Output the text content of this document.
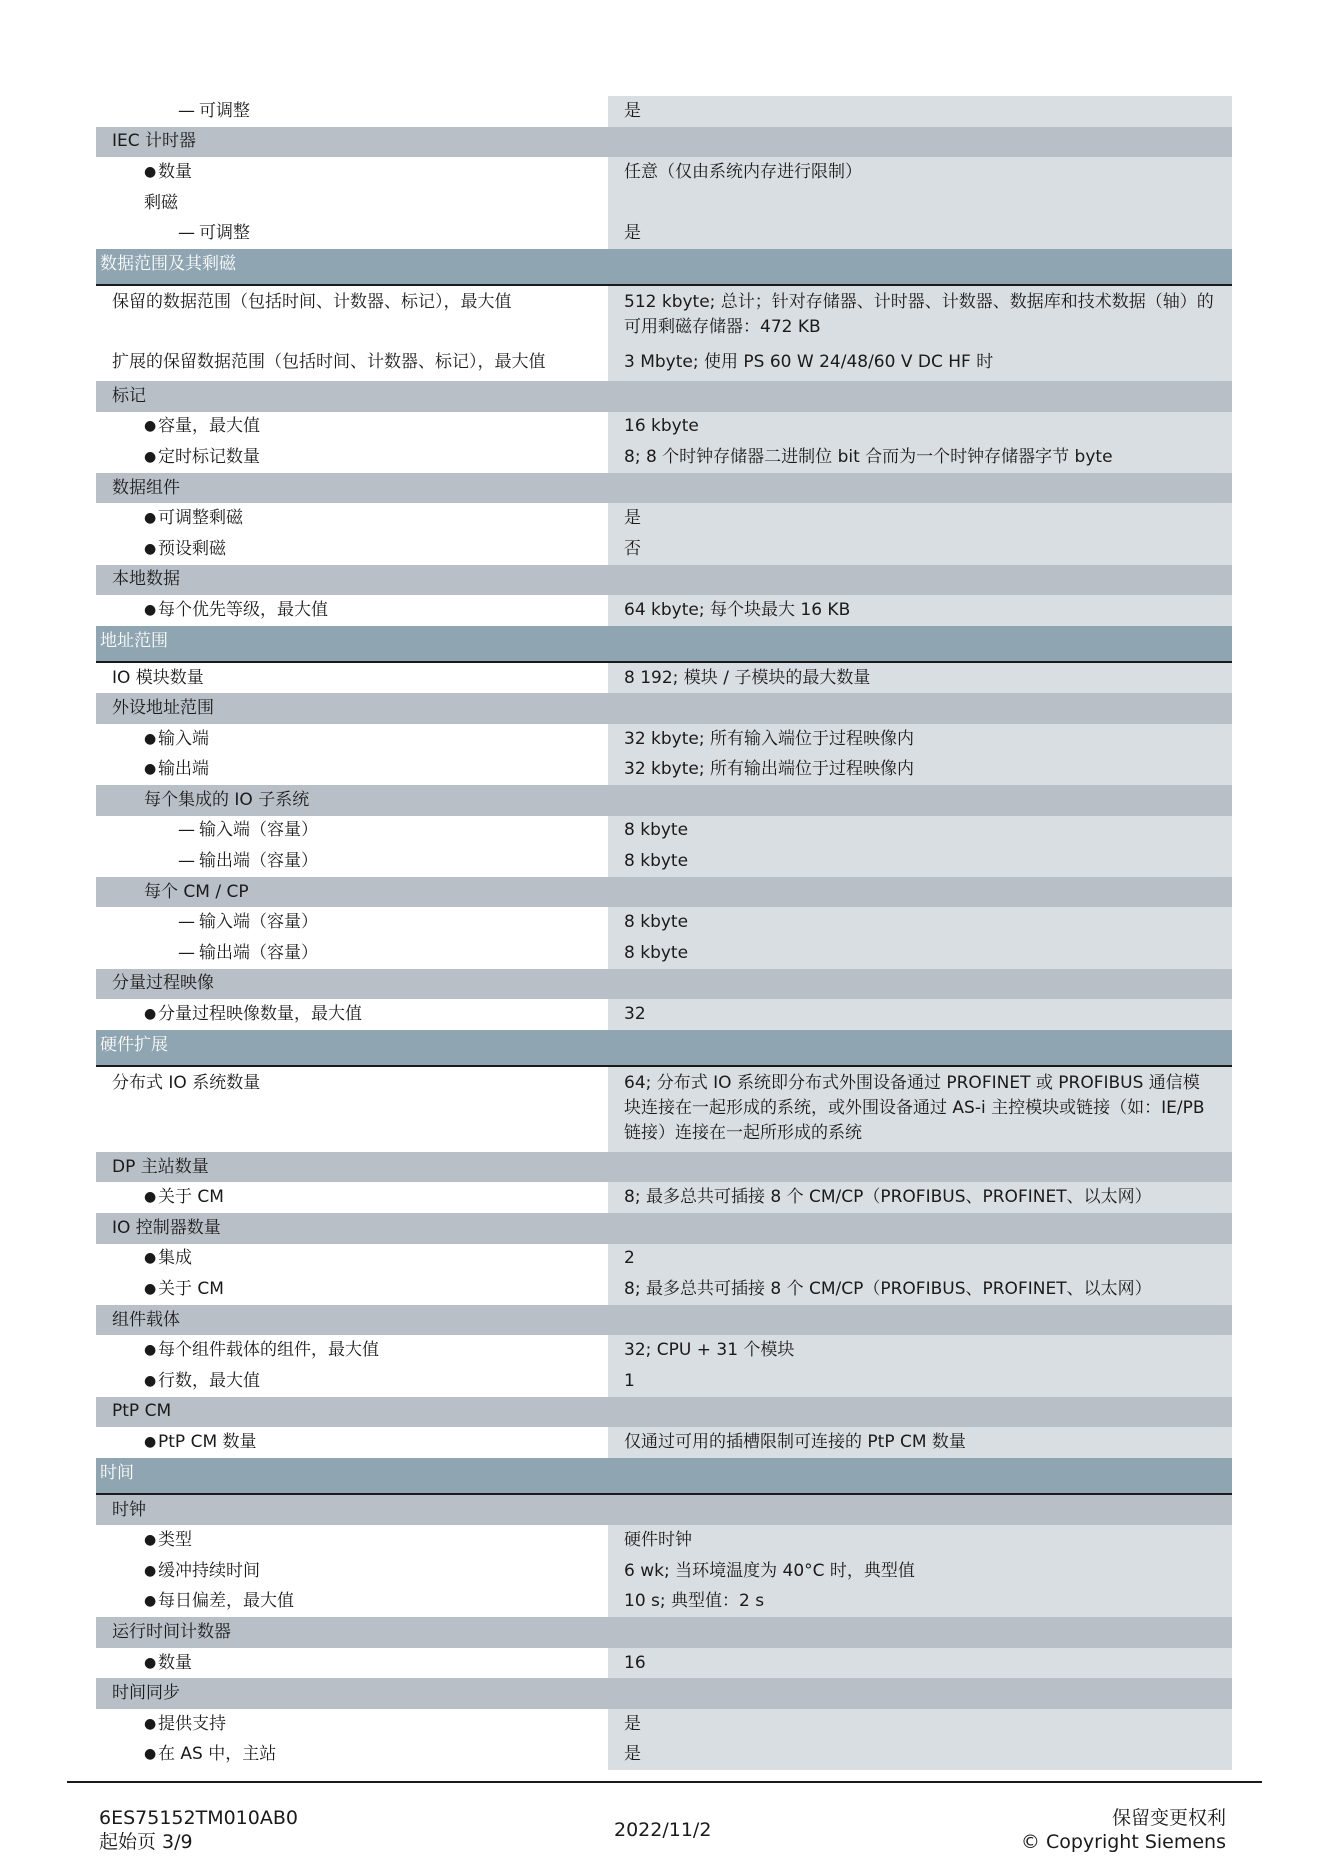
— 可调整	是
IEC 计时器
● 数量	任意（仅由系统内存进行限制）
剩磁
— 可调整	是
数据范围及其剩磁
保留的数据范围（包括时间、计数器、标记），最大值	512 kbyte; 总计；针对存储器、计时器、计数器、数据库和技术数据（轴）的可用剩磁存储器：472 KB
扩展的保留数据范围（包括时间、计数器、标记），最大值	3 Mbyte; 使用 PS 60 W 24/48/60 V DC HF 时
标记
● 容量，最大值	16 kbyte
● 定时标记数量	8; 8 个时钟存储器二进制位 bit 合而为一个时钟存储器字节 byte
数据组件
● 可调整剩磁	是
● 预设剩磁	否
本地数据
● 每个优先等级，最大值	64 kbyte; 每个块最大 16 KB
地址范围
IO 模块数量	8 192; 模块 / 子模块的最大数量
外设地址范围
● 输入端	32 kbyte; 所有输入端位于过程映像内
● 输出端	32 kbyte; 所有输出端位于过程映像内
每个集成的 IO 子系统
— 输入端（容量）	8 kbyte
— 输出端（容量）	8 kbyte
每个 CM / CP
— 输入端（容量）	8 kbyte
— 输出端（容量）	8 kbyte
分量过程映像
● 分量过程映像数量，最大值	32
硬件扩展
分布式 IO 系统数量	64; 分布式 IO 系统即分布式外围设备通过 PROFINET 或 PROFIBUS 通信模块连接在一起形成的系统，或外围设备通过 AS-i 主控模块或链接（如：IE/PB 链接）连接在一起所形成的系统
DP 主站数量
● 关于 CM	8; 最多总共可插接 8 个 CM/CP（PROFIBUS、PROFINET、以太网）
IO 控制器数量
● 集成	2
● 关于 CM	8; 最多总共可插接 8 个 CM/CP（PROFIBUS、PROFINET、以太网）
组件载体
● 每个组件载体的组件，最大值	32; CPU + 31 个模块
● 行数，最大值	1
PtP CM
● PtP CM 数量	仅通过可用的插槽限制可连接的 PtP CM 数量
时间
时钟
● 类型	硬件时钟
● 缓冲持续时间	6 wk; 当环境温度为 40°C 时，典型值
● 每日偏差，最大值	10 s; 典型值：2 s
运行时间计数器
● 数量	16
时间同步
● 提供支持	是
● 在 AS 中，主站	是
6ES75152TM010AB0
起始页 3/9
2022/11/2
保留变更权利
© Copyright Siemens
